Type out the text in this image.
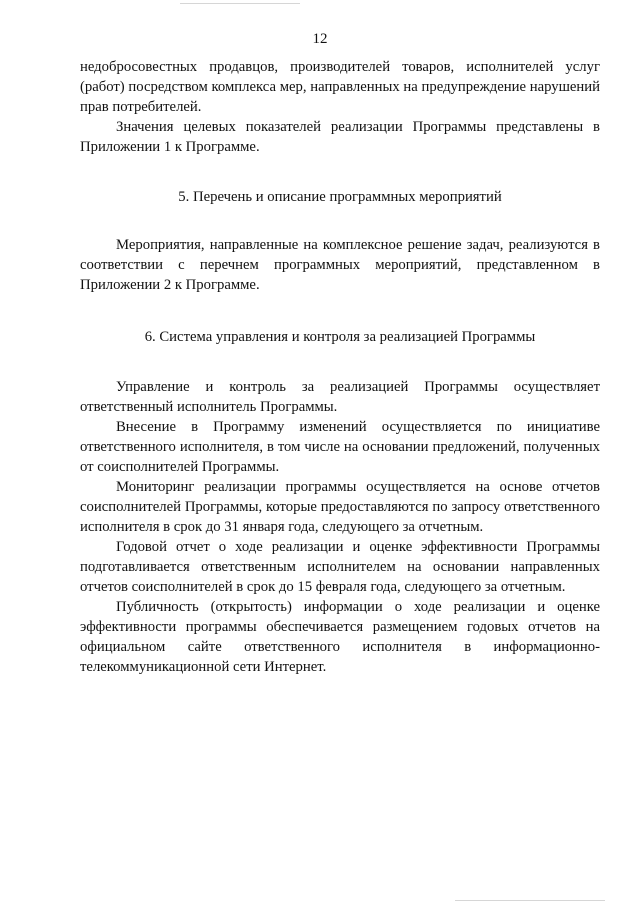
12

недобросовестных продавцов, производителей товаров, исполнителей услуг (работ) посредством комплекса мер, направленных на предупреждение нарушений прав потребителей.

Значения целевых показателей реализации Программы представлены в Приложении 1 к Программе.

5. Перечень и описание программных мероприятий

Мероприятия, направленные на комплексное решение задач, реализуются в соответствии с перечнем программных мероприятий, представленном в Приложении 2 к Программе.

6. Система управления и контроля за реализацией Программы

Управление и контроль за реализацией Программы осуществляет ответственный исполнитель Программы.

Внесение в Программу изменений осуществляется по инициативе ответственного исполнителя, в том числе на основании предложений, полученных от соисполнителей Программы.

Мониторинг реализации программы осуществляется на основе отчетов соисполнителей Программы, которые предоставляются по запросу ответственного исполнителя в срок до 31 января года, следующего за отчетным.

Годовой отчет о ходе реализации и оценке эффективности Программы подготавливается ответственным исполнителем на основании направленных отчетов соисполнителей в срок до 15 февраля года, следующего за отчетным.

Публичность (открытость) информации о ходе реализации и оценке эффективности программы обеспечивается размещением годовых отчетов на официальном сайте ответственного исполнителя в информационно-телекоммуникационной сети Интернет.
